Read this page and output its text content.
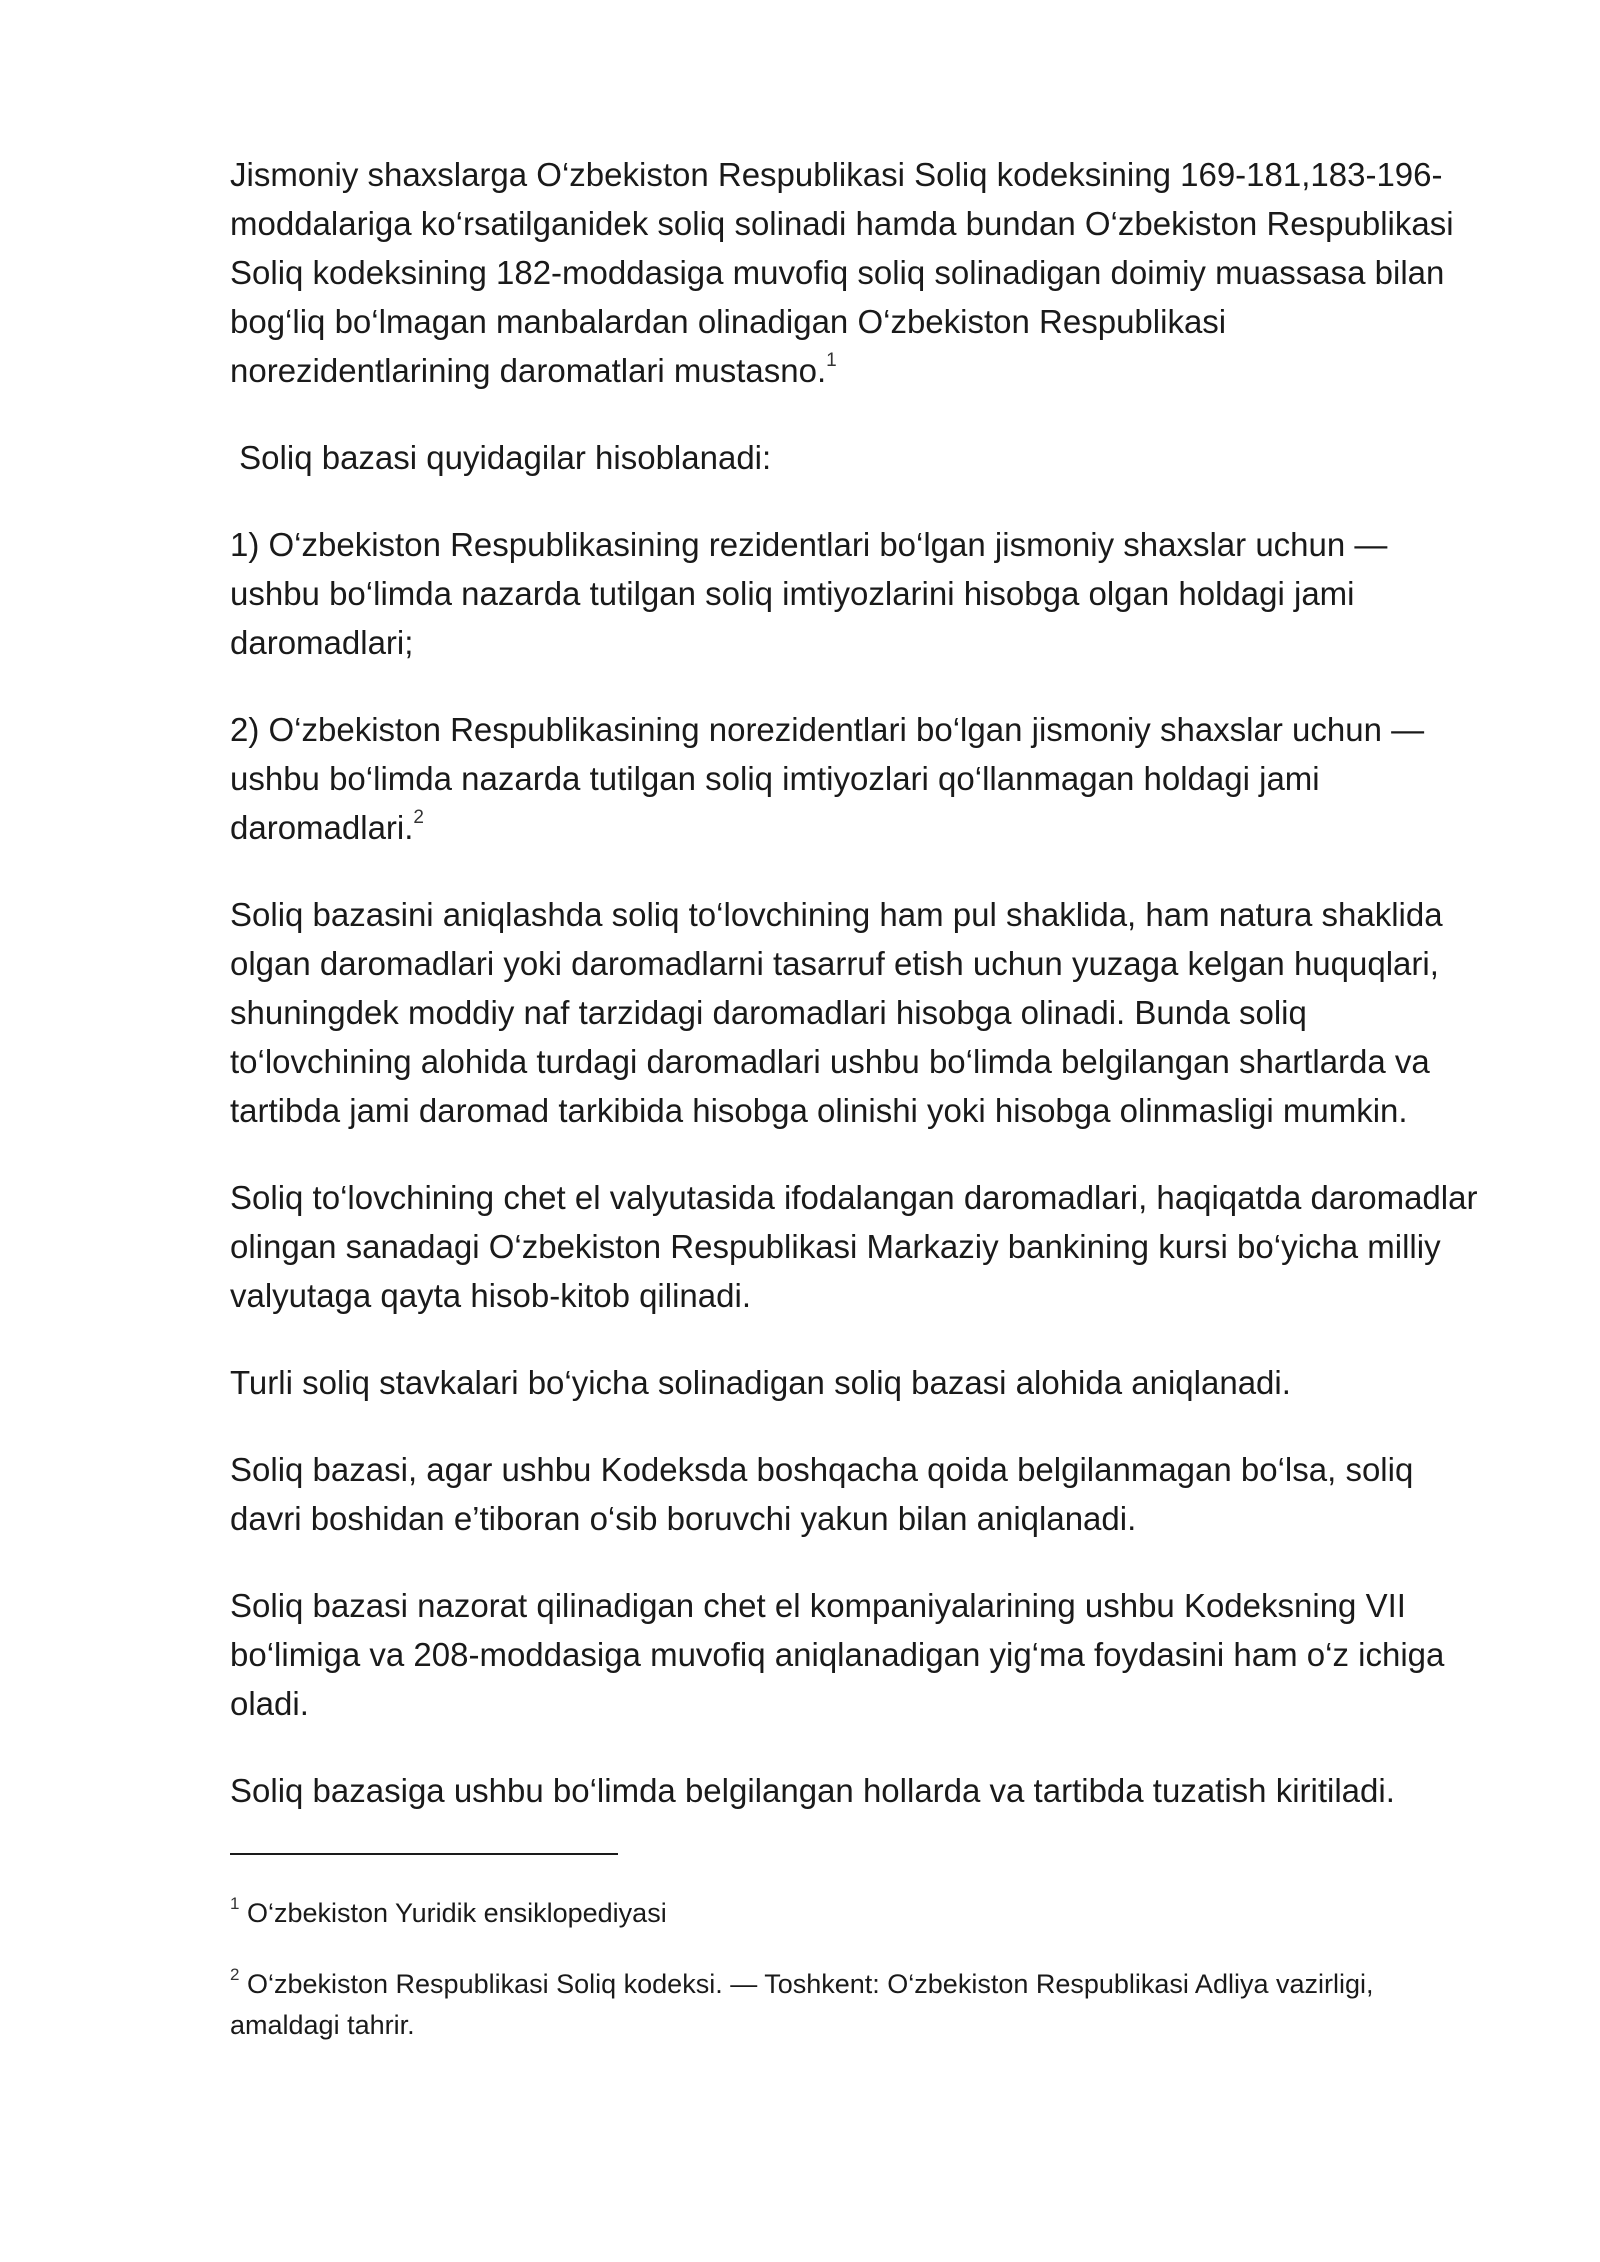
Jismoniy shaxslarga O‘zbekiston Respublikasi Soliq kodeksining 169-181,183-196-moddalariga ko‘rsatilganidek soliq solinadi hamda bundan O‘zbekiston Respublikasi Soliq kodeksining 182-moddasiga muvofiq soliq solinadigan doimiy muassasa bilan bog‘liq bo‘lmagan manbalardan olinadigan O‘zbekiston Respublikasi norezidentlarining daromatlari mustasno.$^1$

Soliq bazasi quyidagilar hisoblanadi:

1) O‘zbekiston Respublikasining rezidentlari bo‘lgan jismoniy shaxslar uchun — ushbu bo‘limda nazarda tutilgan soliq imtiyozlarini hisobga olgan holdagi jami daromadlari;

2) O‘zbekiston Respublikasining norezidentlari bo‘lgan jismoniy shaxslar uchun — ushbu bo‘limda nazarda tutilgan soliq imtiyozlari qo‘llanmagan holdagi jami daromadlari.$^2$

Soliq bazasini aniqlashda soliq to‘lovchining ham pul shaklida, ham natura shaklida olgan daromadlari yoki daromadlarni tasarruf etish uchun yuzaga kelgan huquqlari, shuningdek moddiy naf tarzidagi daromadlari hisobga olinadi. Bunda soliq to‘lovchining alohida turdagi daromadlari ushbu bo‘limda belgilangan shartlarda va tartibda jami daromad tarkibida hisobga olinishi yoki hisobga olinmasligi mumkin.

Soliq to‘lovchining chet el valyutasida ifodalangan daromadlari, haqiqatda daromadlar olingan sanadagi O‘zbekiston Respublikasi Markaziy bankining kursi bo‘yicha milliy valyutaga qayta hisob-kitob qilinadi.

Turli soliq stavkalari bo‘yicha solinadigan soliq bazasi alohida aniqlanadi.

Soliq bazasi, agar ushbu Kodeksda boshqacha qoida belgilanmagan bo‘lsa, soliq davri boshidan e’tiboran o‘sib boruvchi yakun bilan aniqlanadi.

Soliq bazasi nazorat qilinadigan chet el kompaniyalarining ushbu Kodeksning VII bo‘limiga va 208-moddasiga muvofiq aniqlanadigan yig‘ma foydasini ham o‘z ichiga oladi.

Soliq bazasiga ushbu bo‘limda belgilangan hollarda va tartibda tuzatish kiritiladi.

$^1$ O‘zbekiston Yuridik ensiklopediyasi

$^2$ O‘zbekiston Respublikasi Soliq kodeksi. — Toshkent: O‘zbekiston Respublikasi Adliya vazirligi, amaldagi tahrir.
